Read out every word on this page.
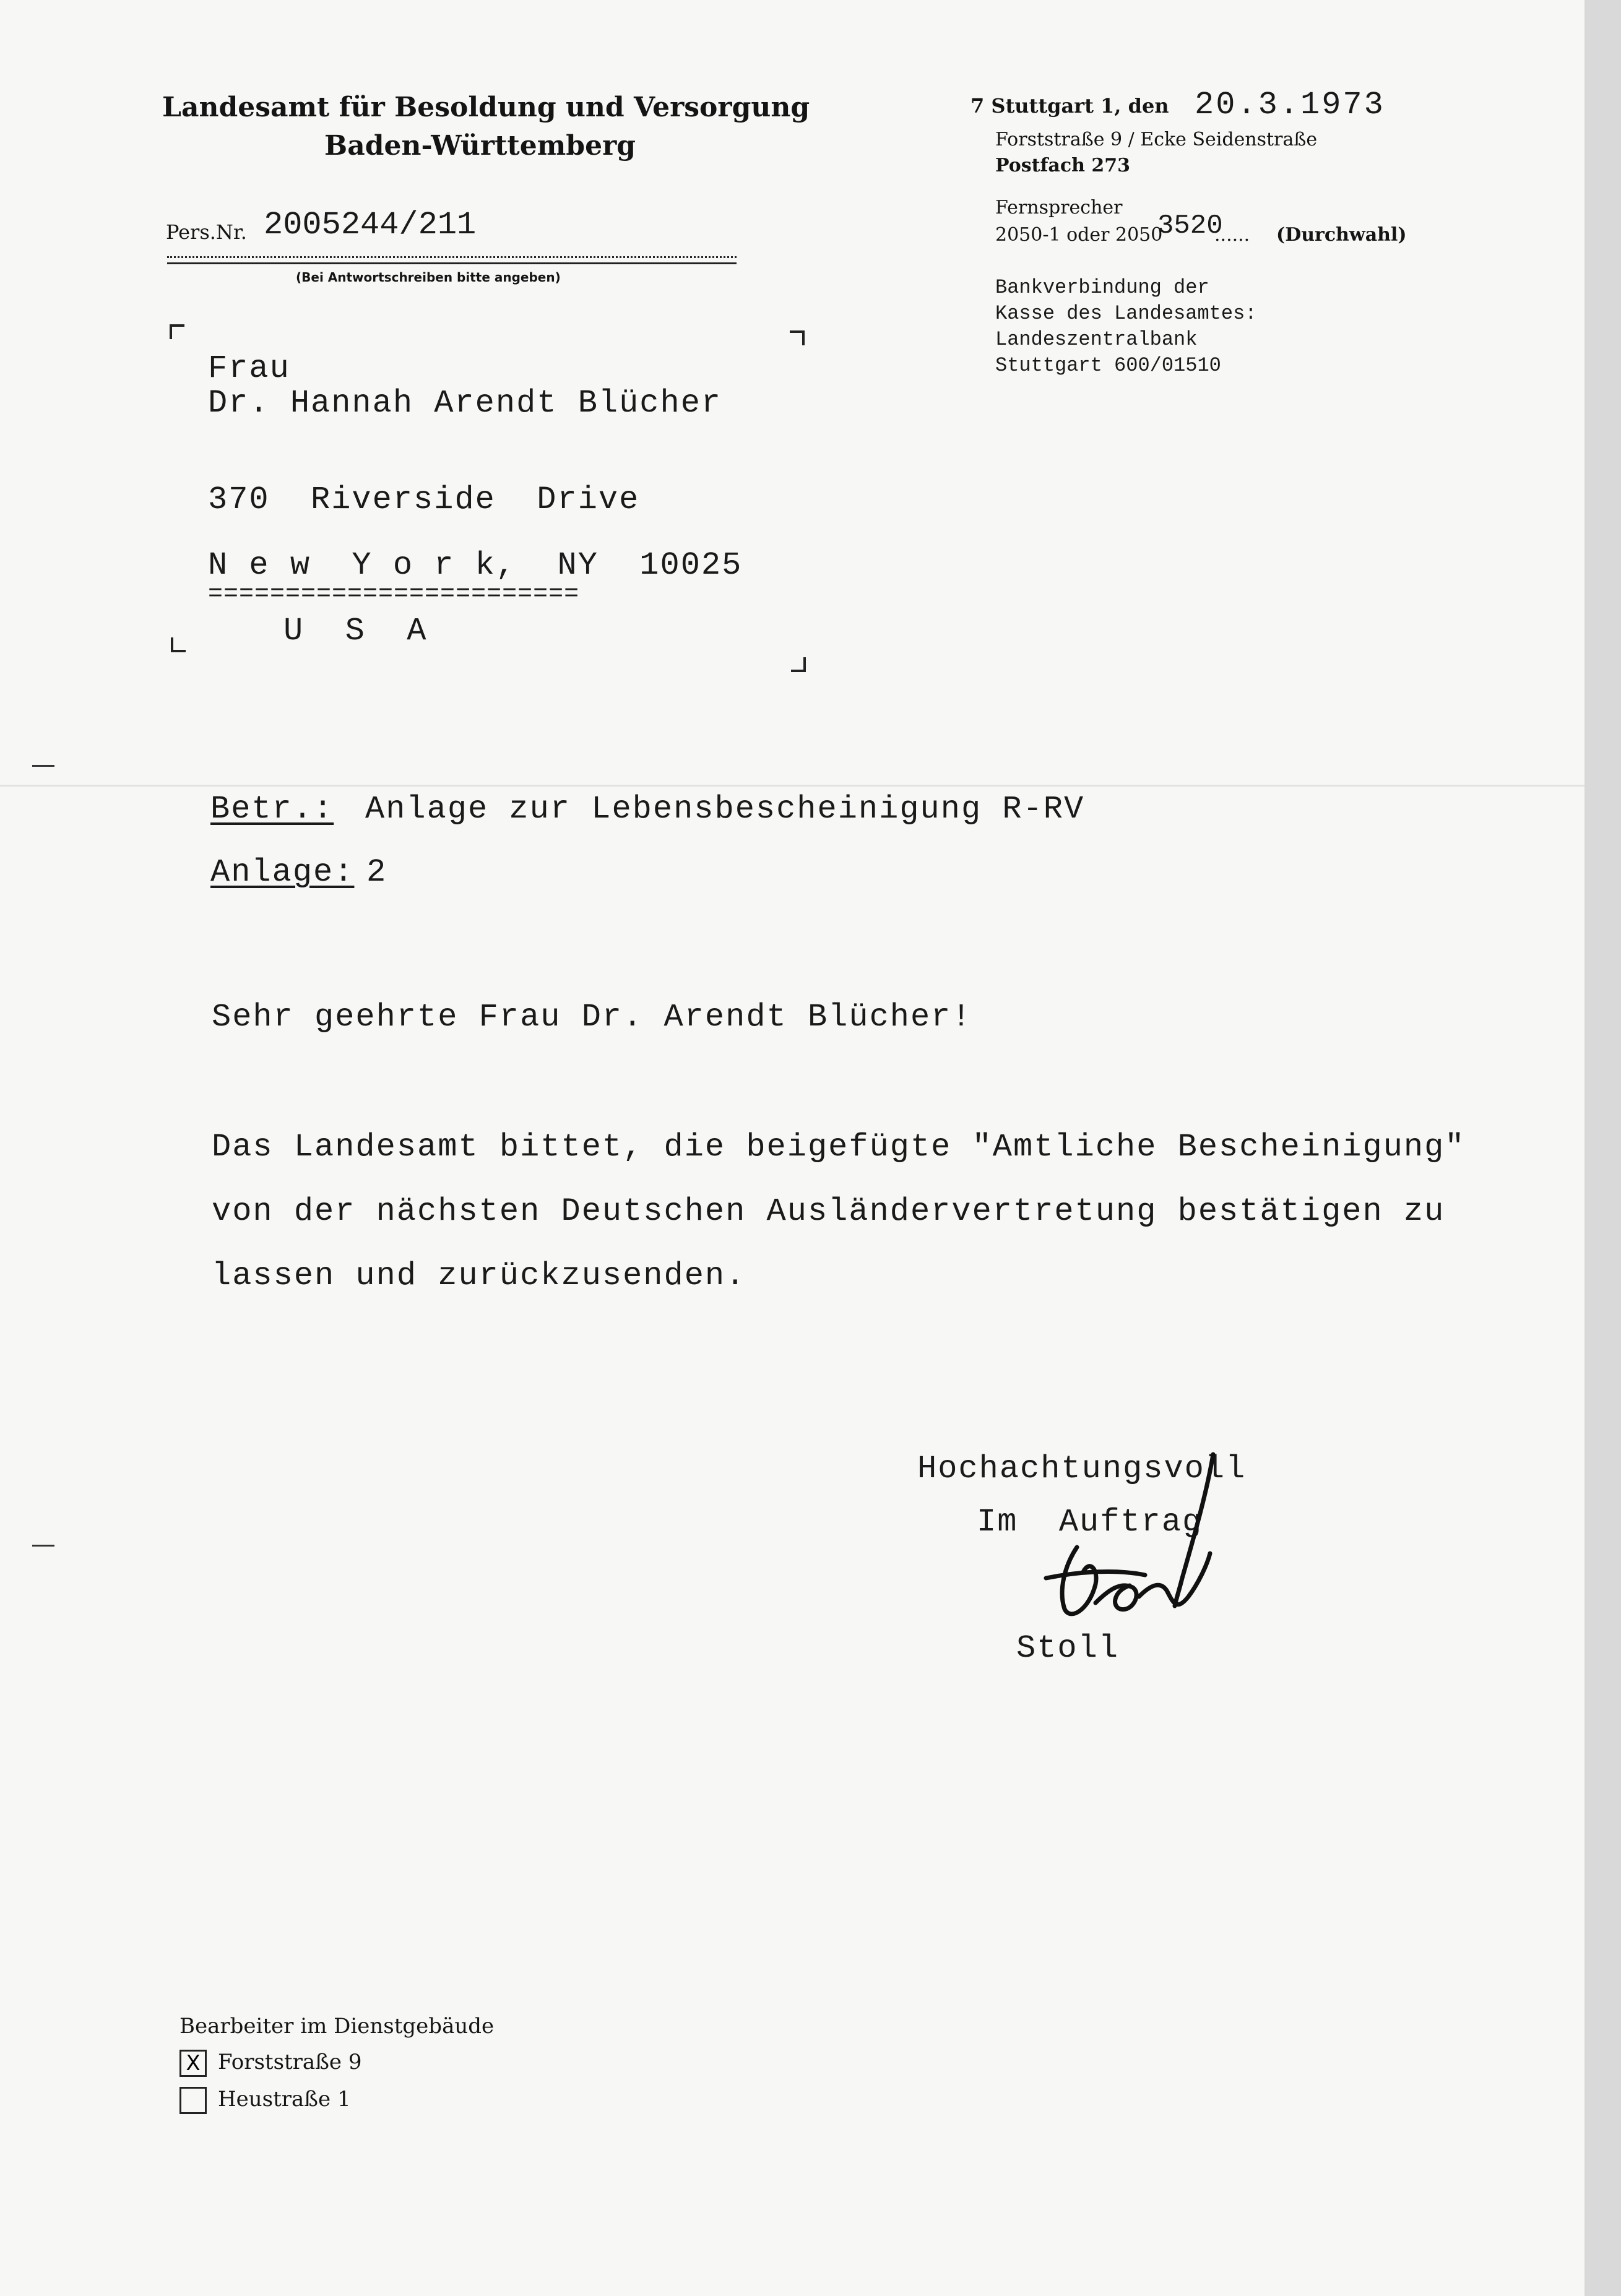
Landesamt für Besoldung und Versorgung
Baden-Württemberg
7 Stuttgart 1, den 20.3.1973
Forststraße 9 / Ecke Seidenstraße
Postfach 273
Fernsprecher
2050-1 oder 2050
3520
...... (Durchwahl)
Bankverbindung der
Kasse des Landesamtes:
Landeszentralbank
Stuttgart 600/01510
Pers.Nr. 2005244/211
(Bei Antwortschreiben bitte angeben)
Frau
Dr. Hannah Arendt Blücher
370  Riverside  Drive
N e w  Y o r k,  NY  10025
========================
U  S  A
Betr.: Anlage zur Lebensbescheinigung R-RV
Anlage: 2
Sehr geehrte Frau Dr. Arendt Blücher!
Das Landesamt bittet, die beigefügte "Amtliche Bescheinigung"
von der nächsten Deutschen Ausländervertretung bestätigen zu
lassen und zurückzusenden.
Hochachtungsvoll
Im  Auftrag
Stoll
Bearbeiter im Dienstgebäude
X Forststraße 9
Heustraße 1
